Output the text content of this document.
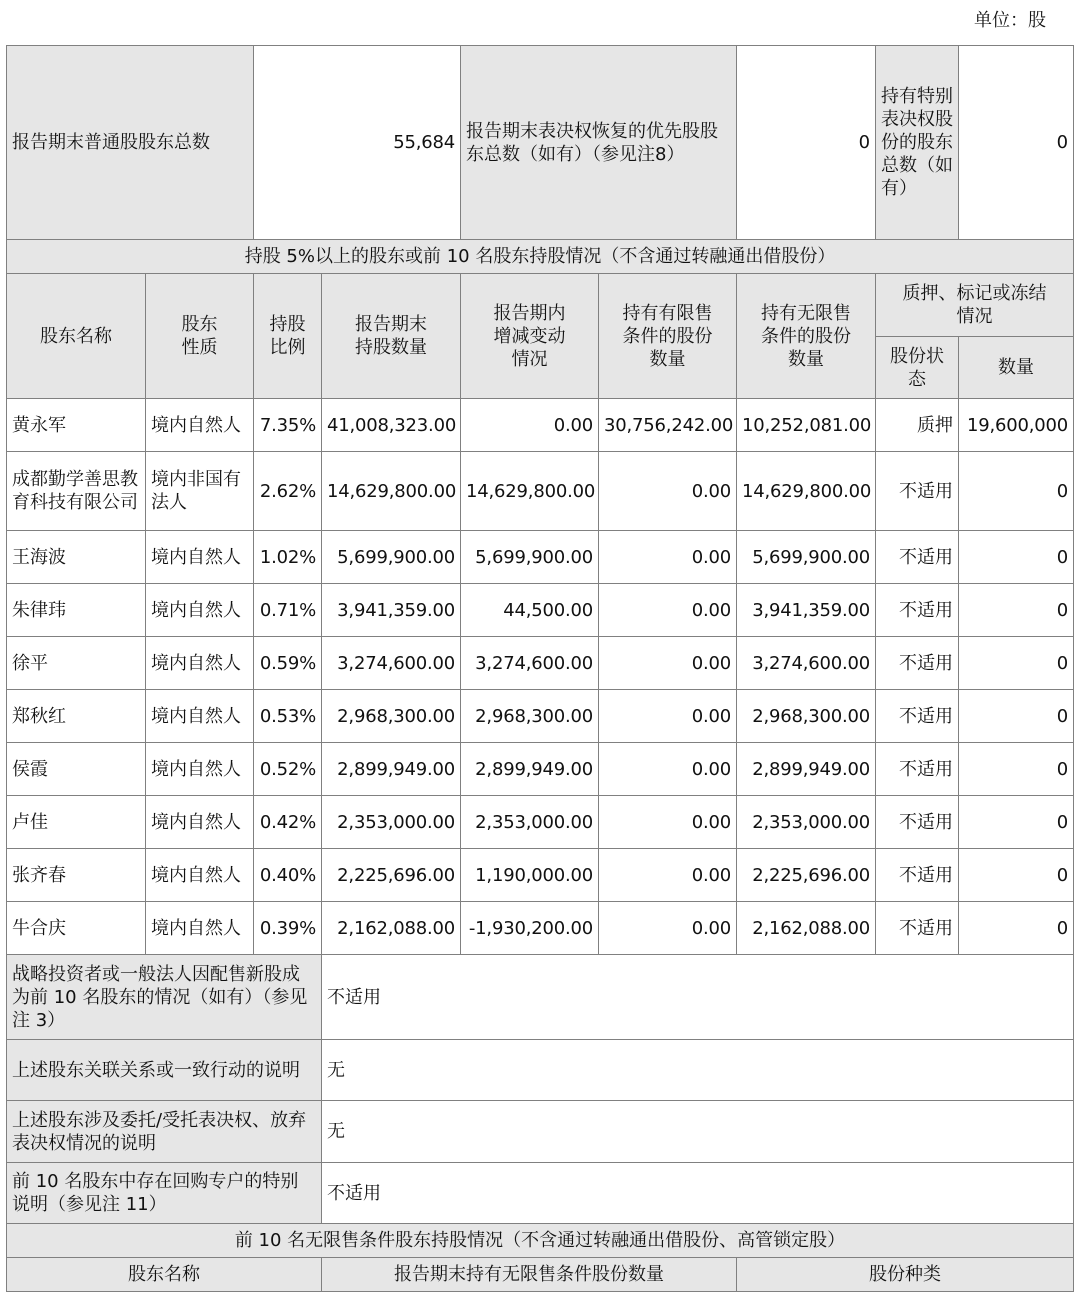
单位：股
报告期末普通股股东总数		55,684		报告期末表决权恢复的优先股股东总数（如有）（参见注8）		0	持有特别表决权股份的股东总数（如有）	0
持股 5%以上的股东或前 10 名股东持股情况（不含通过转融通出借股份）								
股东名称	股东性质	持股比例	报告期末持股数量	报告期内增减变动情况	持有有限售条件的股份数量	持有无限售条件的股份数量	质押、标记或冻结情况	
							股份状态	数量
黄永军	境内自然人	7.35%	41,008,323.00	0.00	30,756,242.00	10,252,081.00	质押	19,600,000
成都勤学善思教育科技有限公司	境内非国有法人	2.62%	14,629,800.00	14,629,800.00	0.00	14,629,800.00	不适用	0
王海波	境内自然人	1.02%	5,699,900.00	5,699,900.00	0.00	5,699,900.00	不适用	0
朱律玮	境内自然人	0.71%	3,941,359.00	44,500.00	0.00	3,941,359.00	不适用	0
徐平	境内自然人	0.59%	3,274,600.00	3,274,600.00	0.00	3,274,600.00	不适用	0
郑秋红	境内自然人	0.53%	2,968,300.00	2,968,300.00	0.00	2,968,300.00	不适用	0
侯霞	境内自然人	0.52%	2,899,949.00	2,899,949.00	0.00	2,899,949.00	不适用	0
卢佳	境内自然人	0.42%	2,353,000.00	2,353,000.00	0.00	2,353,000.00	不适用	0
张齐春	境内自然人	0.40%	2,225,696.00	1,190,000.00	0.00	2,225,696.00	不适用	0
牛合庆	境内自然人	0.39%	2,162,088.00	-1,930,200.00	0.00	2,162,088.00	不适用	0
战略投资者或一般法人因配售新股成为前 10 名股东的情况（如有）（参见注 3）			不适用					
上述股东关联关系或一致行动的说明			无					
上述股东涉及委托/受托表决权、放弃表决权情况的说明			无					
前 10 名股东中存在回购专户的特别说明（参见注 11）			不适用					
前 10 名无限售条件股东持股情况（不含通过转融通出借股份、高管锁定股）								
股东名称			报告期末持有无限售条件股份数量			股份种类		
